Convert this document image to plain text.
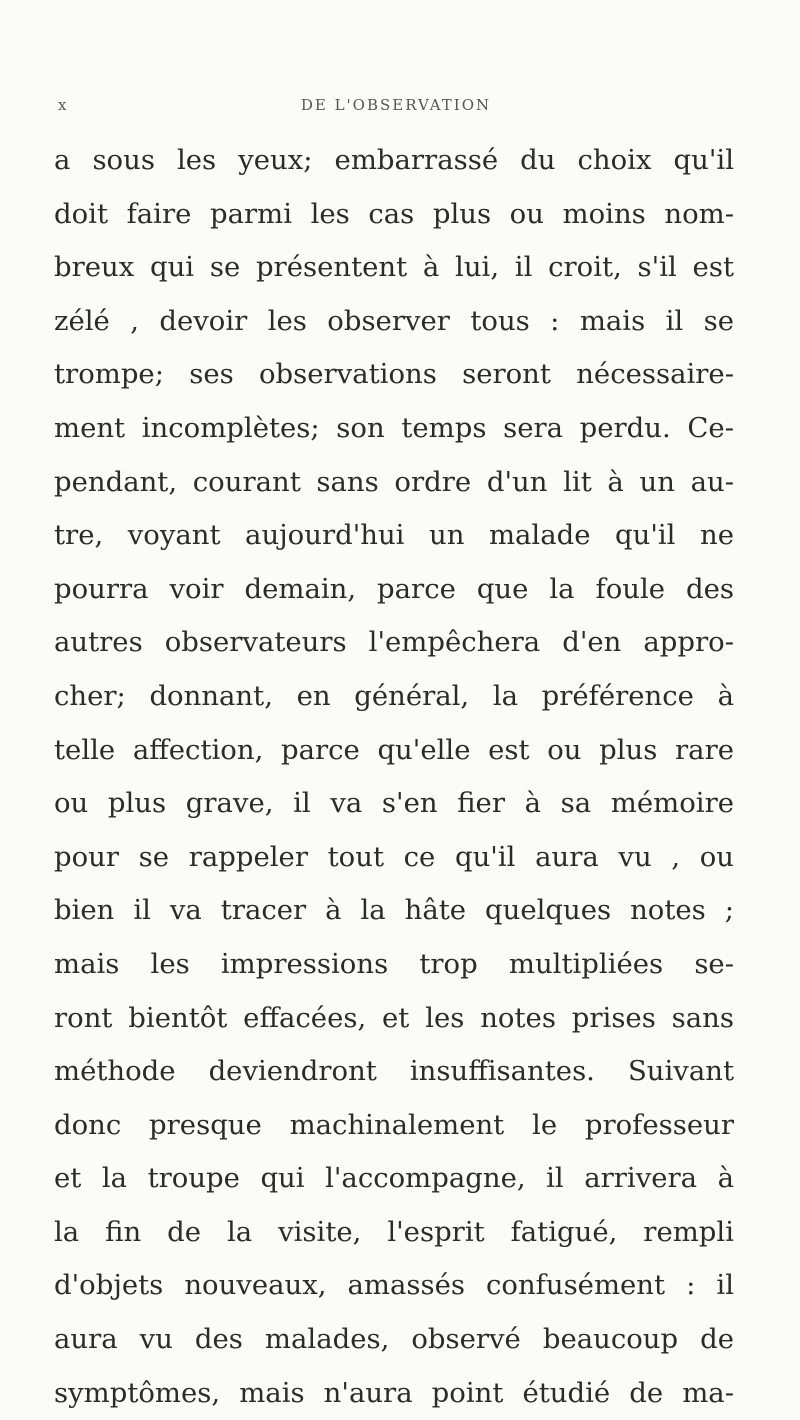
x	DE L'OBSERVATION
a sous les yeux; embarrassé du choix qu'il
doit faire parmi les cas plus ou moins nom-
breux qui se présentent à lui, il croit, s'il est
zélé , devoir les observer tous : mais il se
trompe; ses observations seront nécessaire-
ment incomplètes; son temps sera perdu. Ce-
pendant, courant sans ordre d'un lit à un au-
tre, voyant aujourd'hui un malade qu'il ne
pourra voir demain, parce que la foule des
autres observateurs l'empêchera d'en appro-
cher; donnant, en général, la préférence à
telle affection, parce qu'elle est ou plus rare
ou plus grave, il va s'en fier à sa mémoire
pour se rappeler tout ce qu'il aura vu , ou
bien il va tracer à la hâte quelques notes ;
mais les impressions trop multipliées se-
ront bientôt effacées, et les notes prises sans
méthode deviendront insuffisantes. Suivant
donc presque machinalement le professeur
et la troupe qui l'accompagne, il arrivera à
la fin de la visite, l'esprit fatigué, rempli
d'objets nouveaux, amassés confusément : il
aura vu des malades, observé beaucoup de
symptômes, mais n'aura point étudié de ma-
